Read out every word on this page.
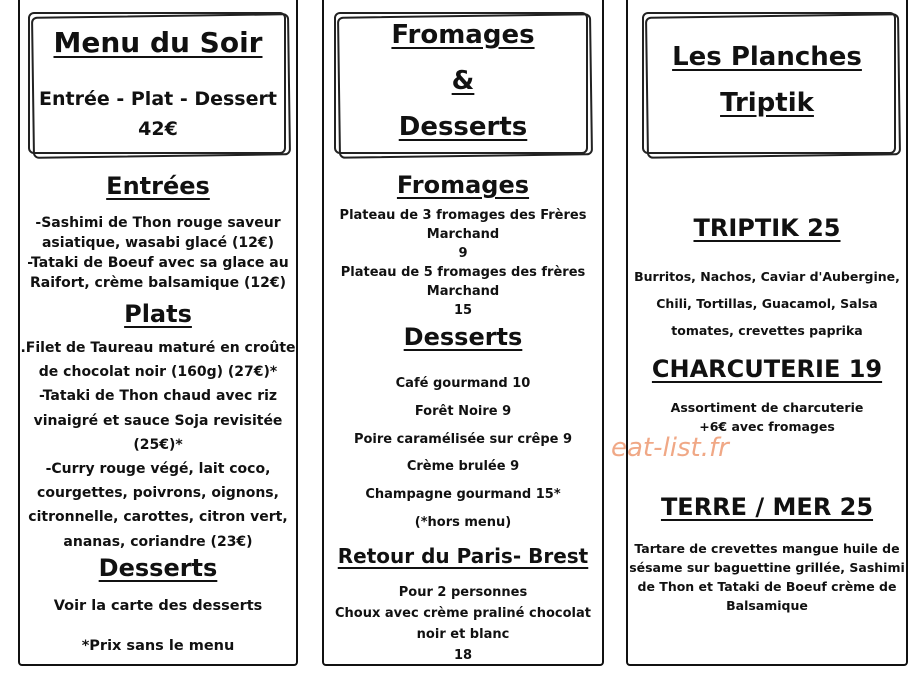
Menu du Soir
Entrée - Plat - Dessert
42€
Entrées
-Sashimi de Thon rouge saveur
asiatique, wasabi glacé (12€)
-Tataki de Boeuf avec sa glace au
Raifort, crème balsamique (12€)
Plats
.Filet de Taureau maturé en croûte
de chocolat noir (160g) (27€)*
-Tataki de Thon chaud avec riz
vinaigré et sauce Soja revisitée
(25€)*
-Curry rouge végé, lait coco,
courgettes, poivrons, oignons,
citronnelle, carottes, citron vert,
ananas, coriandre (23€)
Desserts
Voir la carte des desserts
*Prix sans le menu
Fromages
&
Desserts
Fromages
Plateau de 3 fromages des Frères
Marchand
9
Plateau de 5 fromages des frères
Marchand
15
Desserts
Café gourmand 10
Forêt Noire 9
Poire caramélisée sur crêpe 9
Crème brulée 9
Champagne gourmand 15*
(*hors menu)
Retour du Paris- Brest
Pour 2 personnes
Choux avec crème praliné chocolat
noir et blanc
18
Les Planches
Triptik
TRIPTIK 25
Burritos, Nachos, Caviar d'Aubergine,
Chili, Tortillas, Guacamol, Salsa
tomates, crevettes paprika
CHARCUTERIE 19
Assortiment de charcuterie
+6€ avec fromages
TERRE / MER 25
Tartare de crevettes mangue huile de
sésame sur baguettine grillée, Sashimi
de Thon et Tataki de Boeuf crème de
Balsamique
eat-list.fr
